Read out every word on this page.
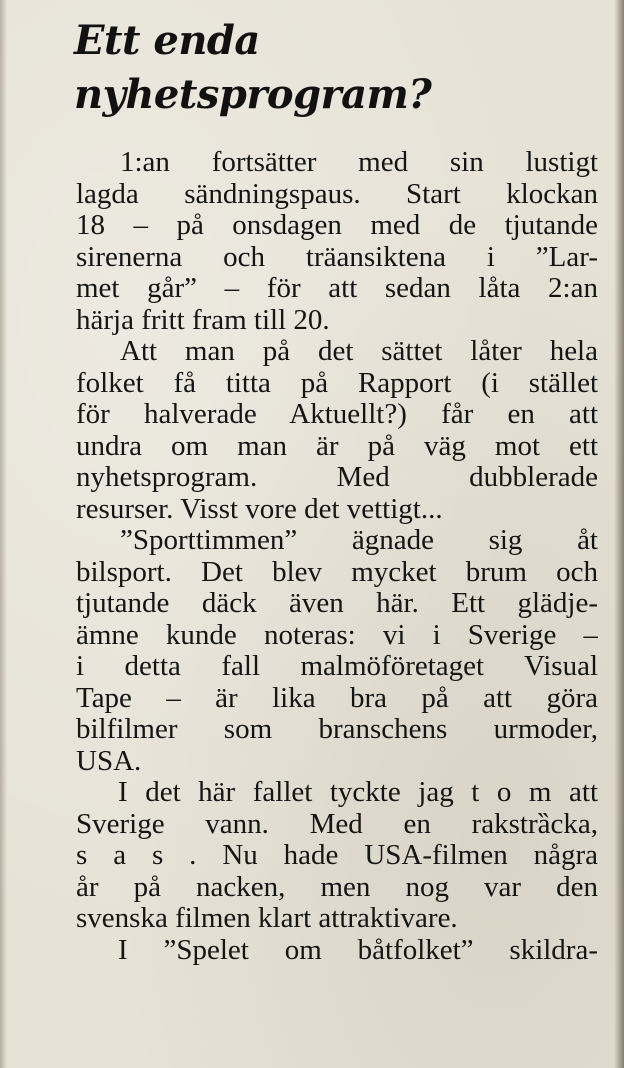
Ett enda
nyhetsprogram?
1:an fortsätter med sin lustigt
lagda sändningspaus. Start klockan
18 – på onsdagen med de tjutande
sirenerna och träansiktena i ”Lar-
met går” – för att sedan låta 2:an
härja fritt fram till 20.
Att man på det sättet låter hela
folket få titta på Rapport (i stället
för halverade Aktuellt?) får en att
undra om man är på väg mot ett
nyhetsprogram. Med dubblerade
resurser. Visst vore det vettigt...
”Sporttimmen” ägnade sig åt
bilsport. Det blev mycket brum och
tjutande däck även här. Ett glädje-
ämne kunde noteras: vi i Sverige –
i detta fall malmöföretaget Visual
Tape – är lika bra på att göra
bilfilmer som branschens urmoder,
USA.
I det här fallet tyckte jag t o m att
Sverige vann. Med en rakstrȁcka,
s a s . Nu hade USA-filmen några
år på nacken, men nog var den
svenska filmen klart attraktivare.
I ”Spelet om båtfolket” skildra-
